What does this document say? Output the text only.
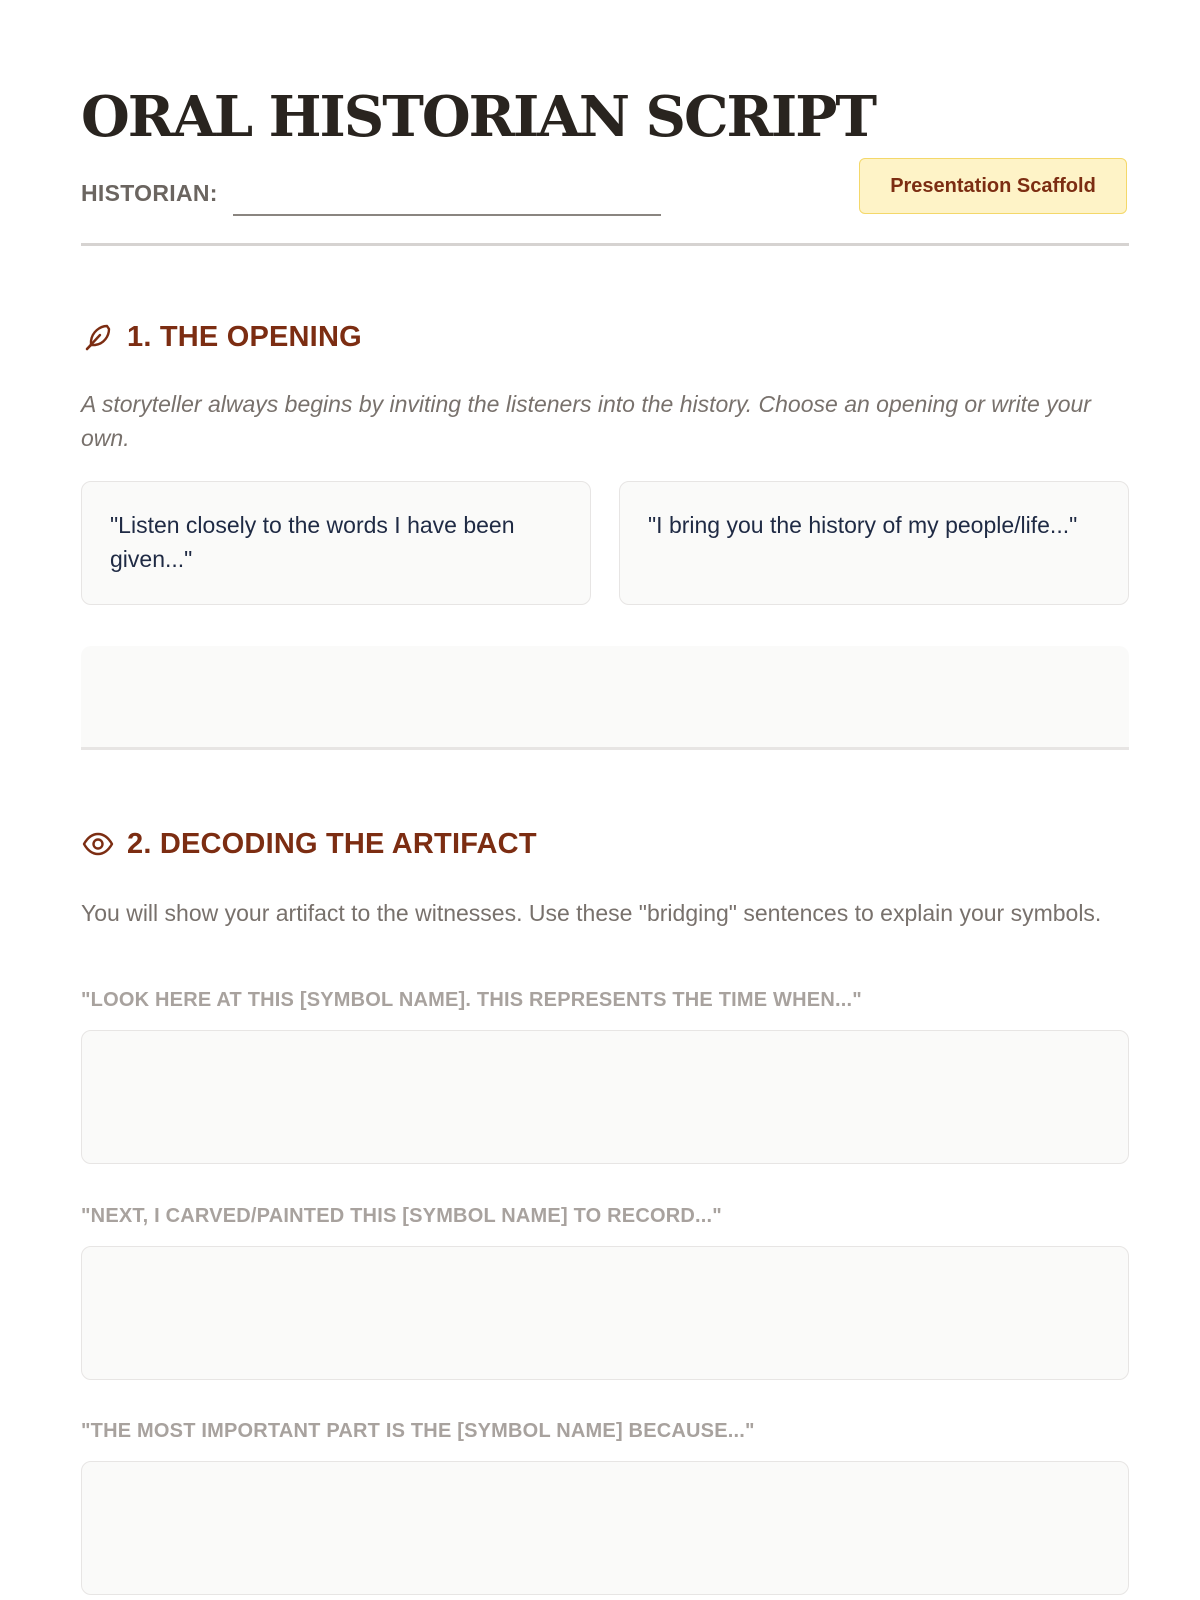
ORAL HISTORIAN SCRIPT
HISTORIAN:	Presentation Scaffold
1. THE OPENING

A storyteller always begins by inviting the listeners into the history. Choose an opening or write your own.

"Listen closely to the words I have been given..."
"I bring you the history of my people/life..."
2. DECODING THE ARTIFACT

You will show your artifact to the witnesses. Use these "bridging" sentences to explain your symbols.

"LOOK HERE AT THIS [SYMBOL NAME]. THIS REPRESENTS THE TIME WHEN..."

"NEXT, I CARVED/PAINTED THIS [SYMBOL NAME] TO RECORD..."

"THE MOST IMPORTANT PART IS THE [SYMBOL NAME] BECAUSE..."
